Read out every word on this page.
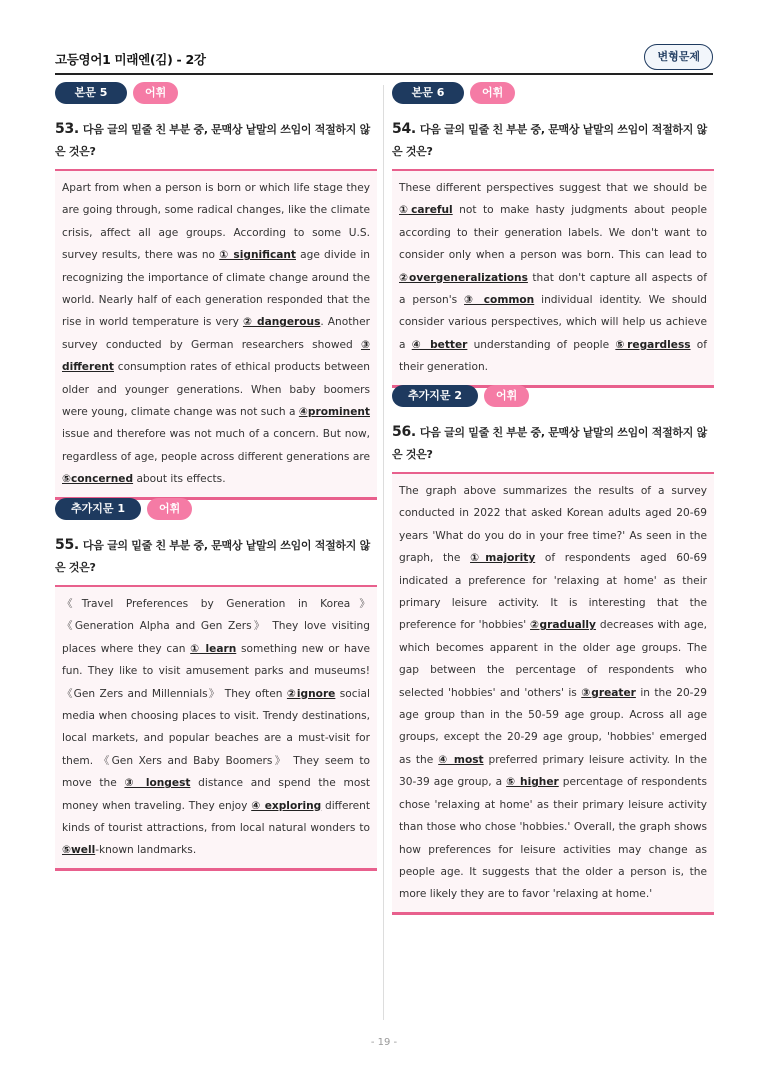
고등영어1 미래엔(김) - 2강	변형문제
본문 5	어휘
53. 다음 글의 밑줄 친 부분 중, 문맥상 낱말의 쓰임이 적절하지 않은 것은?
Apart from when a person is born or which life stage they are going through, some radical changes, like the climate crisis, affect all age groups. According to some U.S. survey results, there was no ① significant age divide in recognizing the importance of climate change around the world. Nearly half of each generation responded that the rise in world temperature is very ② dangerous. Another survey conducted by German researchers showed ③ different consumption rates of ethical products between older and younger generations. When baby boomers were young, climate change was not such a ④prominent issue and therefore was not much of a concern. But now, regardless of age, people across different generations are ⑤concerned about its effects.
추가지문 1	어휘
55. 다음 글의 밑줄 친 부분 중, 문맥상 낱말의 쓰임이 적절하지 않은 것은?
《Travel Preferences by Generation in Korea》 《Generation Alpha and Gen Zers》 They love visiting places where they can ① learn something new or have fun. They like to visit amusement parks and museums! 《Gen Zers and Millennials》 They often ②ignore social media when choosing places to visit. Trendy destinations, local markets, and popular beaches are a must-visit for them. 《Gen Xers and Baby Boomers》 They seem to move the ③ longest distance and spend the most money when traveling. They enjoy ④ exploring different kinds of tourist attractions, from local natural wonders to ⑤well-known landmarks.
본문 6	어휘
54. 다음 글의 밑줄 친 부분 중, 문맥상 낱말의 쓰임이 적절하지 않은 것은?
These different perspectives suggest that we should be ①careful not to make hasty judgments about people according to their generation labels. We don't want to consider only when a person was born. This can lead to ②overgeneralizations that don't capture all aspects of a person's ③ common individual identity. We should consider various perspectives, which will help us achieve a ④ better understanding of people ⑤regardless of their generation.
추가지문 2	어휘
56. 다음 글의 밑줄 친 부분 중, 문맥상 낱말의 쓰임이 적절하지 않은 것은?
The graph above summarizes the results of a survey conducted in 2022 that asked Korean adults aged 20-69 years 'What do you do in your free time?' As seen in the graph, the ①majority of respondents aged 60-69 indicated a preference for 'relaxing at home' as their primary leisure activity. It is interesting that the preference for 'hobbies' ②gradually decreases with age, which becomes apparent in the older age groups. The gap between the percentage of respondents who selected 'hobbies' and 'others' is ③greater in the 20-29 age group than in the 50-59 age group. Across all age groups, except the 20-29 age group, 'hobbies' emerged as the ④ most preferred primary leisure activity. In the 30-39 age group, a ⑤ higher percentage of respondents chose 'relaxing at home' as their primary leisure activity than those who chose 'hobbies.' Overall, the graph shows how preferences for leisure activities may change as people age. It suggests that the older a person is, the more likely they are to favor 'relaxing at home.'
- 19 -
